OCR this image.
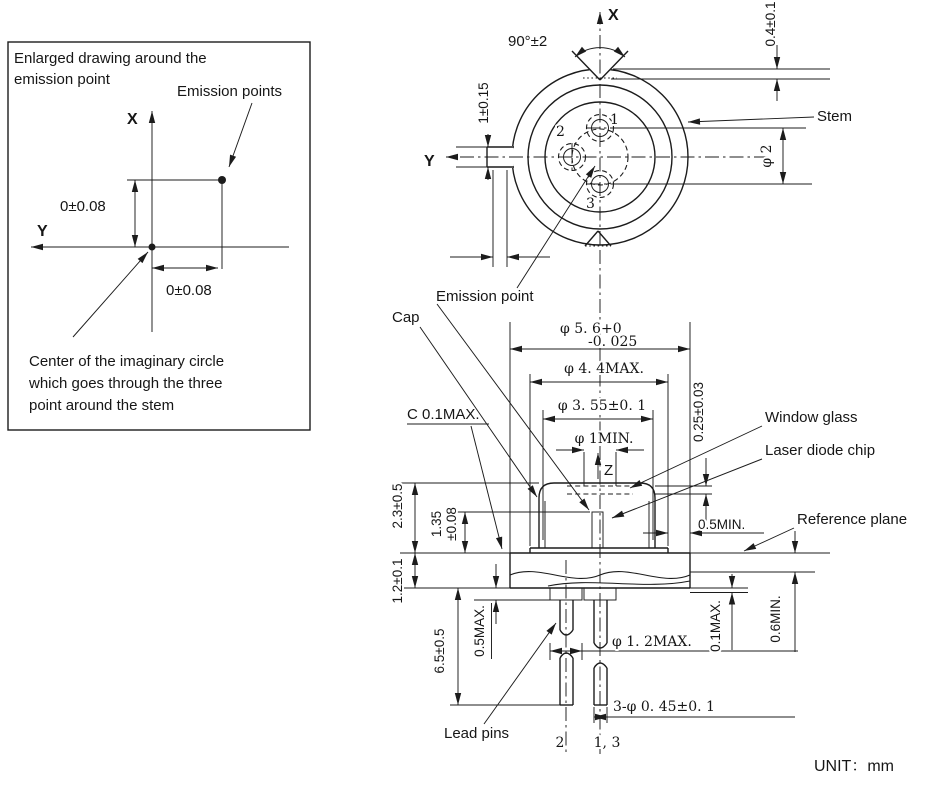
Enlarged drawing around the
emission point
Emission points
X
Y
0±0.08
0±0.08
Center of the imaginary circle
which goes through the three
point around the stem
X
Y
90°±2	0.4±0.1
1±0.15
φ 2
Stem
1
2
3
Emission point
Cap
C 0.1MAX.
φ 5. 6+0
-0. 025
φ 4. 4MAX.
φ 3. 55±0. 1
φ 1MIN.
Z
0.25±0.03	Window glass
Laser diode chip
Reference plane
0.5MIN.
2.3±0.5 1.35 ±0.08
1.2±0.1
6.5±0.5 0.5MAX.	0.1MAX.	0.6MIN.
φ 1. 2MAX.
3-φ 0. 45±0. 1
Lead pins
2 1, 3
UNIT：mm
